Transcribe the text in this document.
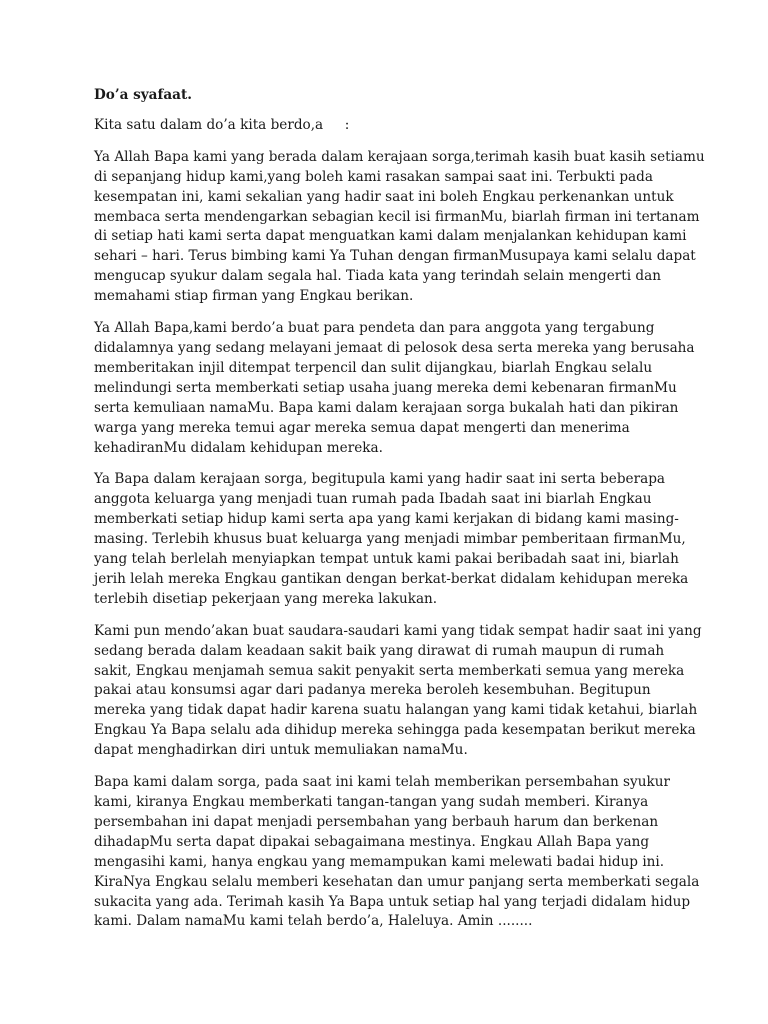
Do’a syafaat.
Kita satu dalam do’a kita berdo,a     :
Ya Allah Bapa kami yang berada dalam kerajaan sorga,terimah kasih buat kasih setiamu
di sepanjang hidup kami,yang boleh kami rasakan sampai saat ini. Terbukti pada
kesempatan ini, kami sekalian yang hadir saat ini boleh Engkau perkenankan untuk
membaca serta mendengarkan sebagian kecil isi firmanMu, biarlah firman ini tertanam
di setiap hati kami serta dapat menguatkan kami dalam menjalankan kehidupan kami
sehari – hari. Terus bimbing kami Ya Tuhan dengan firmanMusupaya kami selalu dapat
mengucap syukur dalam segala hal. Tiada kata yang terindah selain mengerti dan
memahami stiap firman yang Engkau berikan.
Ya Allah Bapa,kami berdo’a buat para pendeta dan para anggota yang tergabung
didalamnya yang sedang melayani jemaat di pelosok desa serta mereka yang berusaha
memberitakan injil ditempat terpencil dan sulit dijangkau, biarlah Engkau selalu
melindungi serta memberkati setiap usaha juang mereka demi kebenaran firmanMu
serta kemuliaan namaMu. Bapa kami dalam kerajaan sorga bukalah hati dan pikiran
warga yang mereka temui agar mereka semua dapat mengerti dan menerima
kehadiranMu didalam kehidupan mereka.
Ya Bapa dalam kerajaan sorga, begitupula kami yang hadir saat ini serta beberapa
anggota keluarga yang menjadi tuan rumah pada Ibadah saat ini biarlah Engkau
memberkati setiap hidup kami serta apa yang kami kerjakan di bidang kami masing-
masing. Terlebih khusus buat keluarga yang menjadi mimbar pemberitaan firmanMu,
yang telah berlelah menyiapkan tempat untuk kami pakai beribadah saat ini, biarlah
jerih lelah mereka Engkau gantikan dengan berkat-berkat didalam kehidupan mereka
terlebih disetiap pekerjaan yang mereka lakukan.
Kami pun mendo’akan buat saudara-saudari kami yang tidak sempat hadir saat ini yang
sedang berada dalam keadaan sakit baik yang dirawat di rumah maupun di rumah
sakit, Engkau menjamah semua sakit penyakit serta memberkati semua yang mereka
pakai atau konsumsi agar dari padanya mereka beroleh kesembuhan. Begitupun
mereka yang tidak dapat hadir karena suatu halangan yang kami tidak ketahui, biarlah
Engkau Ya Bapa selalu ada dihidup mereka sehingga pada kesempatan berikut mereka
dapat menghadirkan diri untuk memuliakan namaMu.
Bapa kami dalam sorga, pada saat ini kami telah memberikan persembahan syukur
kami, kiranya Engkau memberkati tangan-tangan yang sudah memberi. Kiranya
persembahan ini dapat menjadi persembahan yang berbauh harum dan berkenan
dihadapMu serta dapat dipakai sebagaimana mestinya. Engkau Allah Bapa yang
mengasihi kami, hanya engkau yang memampukan kami melewati badai hidup ini.
KiraNya Engkau selalu memberi kesehatan dan umur panjang serta memberkati segala
sukacita yang ada. Terimah kasih Ya Bapa untuk setiap hal yang terjadi didalam hidup
kami. Dalam namaMu kami telah berdo’a, Haleluya. Amin ........
